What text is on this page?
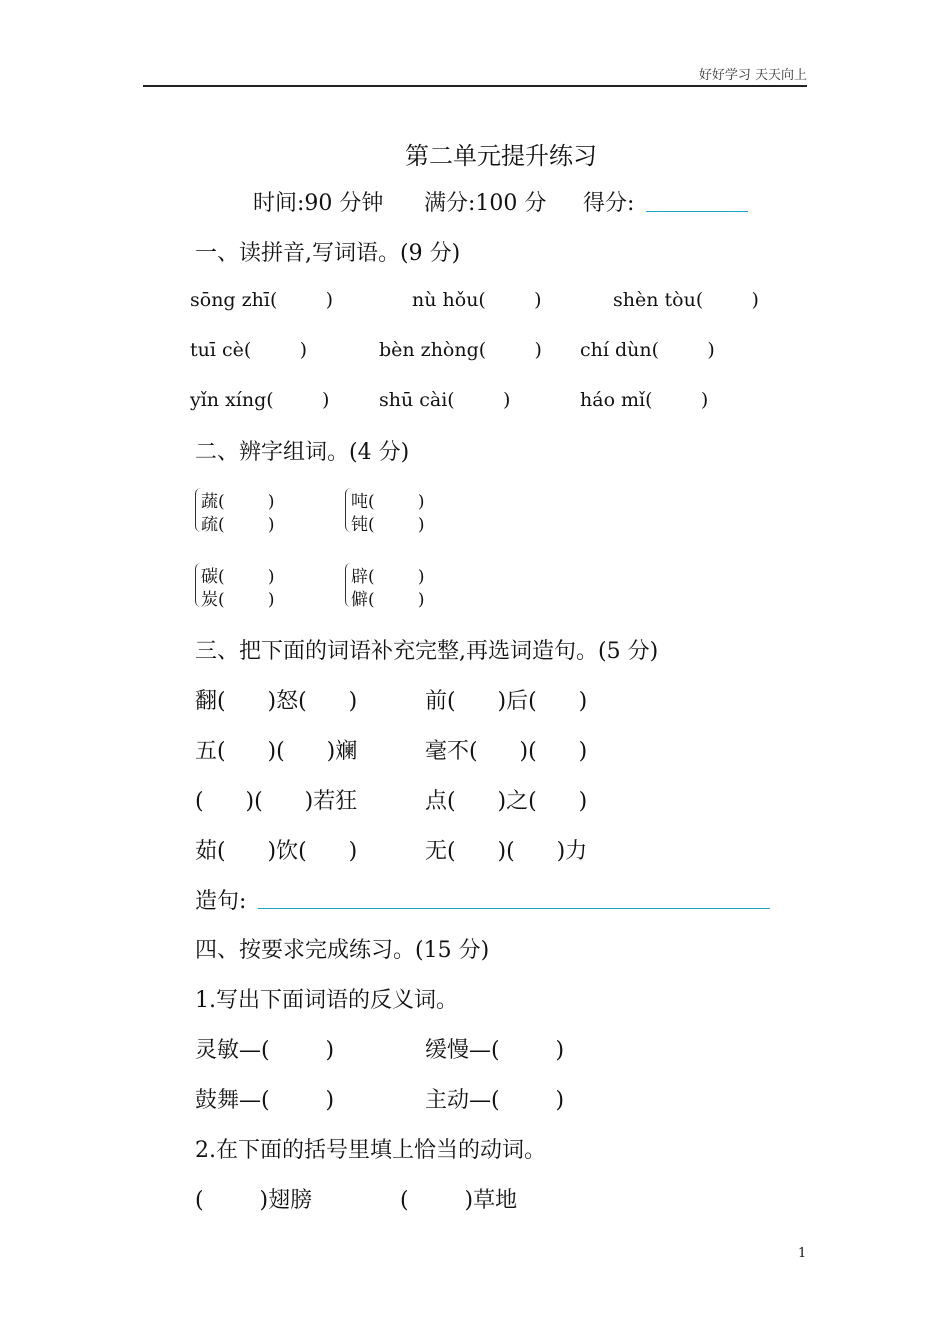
好好学习 天天向上
第二单元提升练习
时间:90 分钟 满分:100 分 得分:
一、读拼音,写词语。(9 分)
sōng zhī(        )	nù hǒu(        )	shèn tòu(        )
tuī cè(        )	bèn zhòng(        ) chí dùn(        )
yǐn xíng(        )	shū cài(        )	háo mǐ(        )
二、辨字组词。(4 分)
蔬(        )
疏(        )
吨(        )
钝(        )
碳(        )
炭(        )
辟(        )
僻(        )
三、把下面的词语补充完整,再选词造句。(5 分)
翻(      )怒(      )	前(      )后(      )
五(      )(      )斓	毫不(      )(      )
(      )(      )若狂	点(      )之(      )
茹(      )饮(      )	无(      )(      )力
造句:
四、按要求完成练习。(15 分)
1.写出下面词语的反义词。
灵敏—(        )	缓慢—(        )
鼓舞—(        )	主动—(        )
2.在下面的括号里填上恰当的动词。
(        )翅膀	(        )草地
1
